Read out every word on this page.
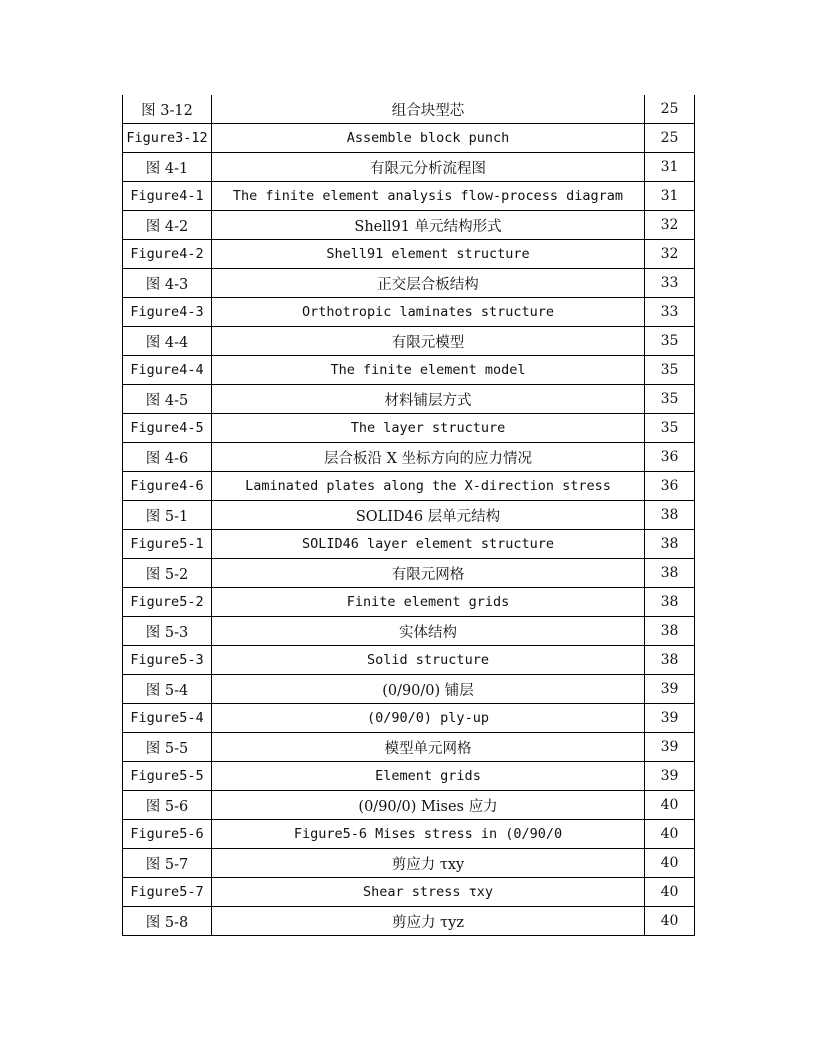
图 3-12	组合块型芯	25
Figure3-12	Assemble block punch	25
图 4-1	有限元分析流程图	31
Figure4-1	The finite element analysis flow-process diagram	31
图 4-2	Shell91 单元结构形式	32
Figure4-2	Shell91 element structure	32
图 4-3	正交层合板结构	33
Figure4-3	Orthotropic laminates structure	33
图 4-4	有限元模型	35
Figure4-4	The finite element model	35
图 4-5	材料铺层方式	35
Figure4-5	The layer structure	35
图 4-6	层合板沿 X 坐标方向的应力情况	36
Figure4-6	Laminated plates along the X-direction stress	36
图 5-1	SOLID46 层单元结构	38
Figure5-1	SOLID46 layer element structure	38
图 5-2	有限元网格	38
Figure5-2	Finite element grids	38
图 5-3	实体结构	38
Figure5-3	Solid structure	38
图 5-4	(0/90/0) 铺层	39
Figure5-4	(0/90/0) ply-up	39
图 5-5	模型单元网格	39
Figure5-5	Element grids	39
图 5-6	(0/90/0) Mises 应力	40
Figure5-6	Figure5-6 Mises stress in (0/90/0	40
图 5-7	剪应力 τxy	40
Figure5-7	Shear stress τxy	40
图 5-8	剪应力 τyz	40
